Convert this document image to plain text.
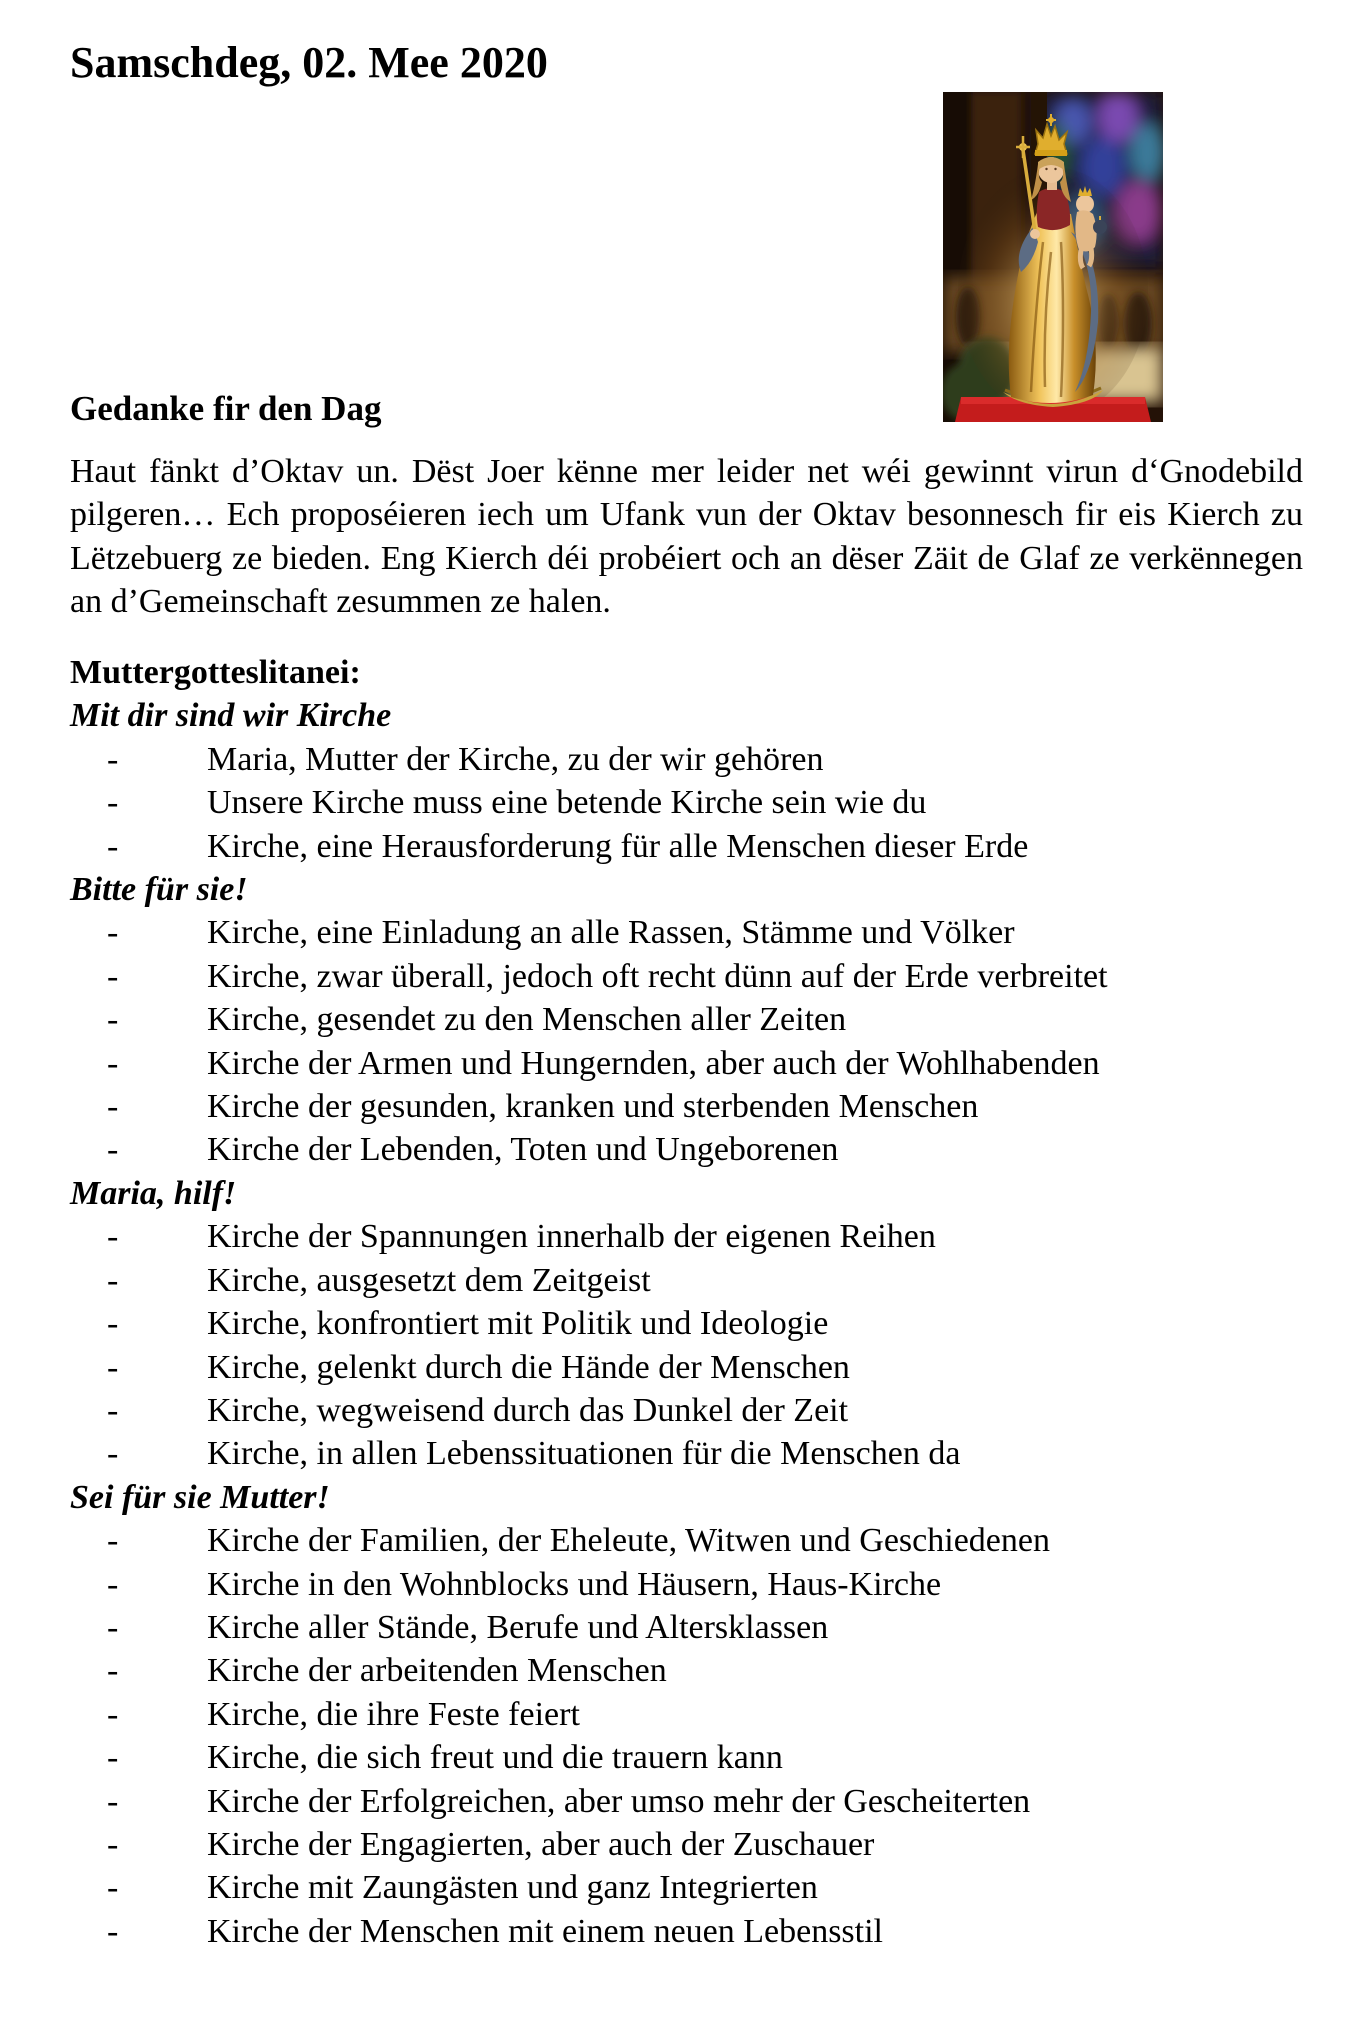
Samschdeg, 02. Mee 2020
Gedanke fir den Dag

Haut fänkt d’Oktav un. Dëst Joer kënne mer leider net wéi gewinnt virun d‘Gnodebild pilgeren… Ech proposéieren iech um Ufank vun der Oktav besonnesch fir eis Kierch zu Lëtzebuerg ze bieden. Eng Kierch déi probéiert och an dëser Zäit de Glaf ze verkënnegen an d’Gemeinschaft zesummen ze halen.

Muttergotteslitanei:
Mit dir sind wir Kirche
-	Maria, Mutter der Kirche, zu der wir gehören
-	Unsere Kirche muss eine betende Kirche sein wie du
-	Kirche, eine Herausforderung für alle Menschen dieser Erde
Bitte für sie!
-	Kirche, eine Einladung an alle Rassen, Stämme und Völker
-	Kirche, zwar überall, jedoch oft recht dünn auf der Erde verbreitet
-	Kirche, gesendet zu den Menschen aller Zeiten
-	Kirche der Armen und Hungernden, aber auch der Wohlhabenden
-	Kirche der gesunden, kranken und sterbenden Menschen
-	Kirche der Lebenden, Toten und Ungeborenen
Maria, hilf!
-	Kirche der Spannungen innerhalb der eigenen Reihen
-	Kirche, ausgesetzt dem Zeitgeist
-	Kirche, konfrontiert mit Politik und Ideologie
-	Kirche, gelenkt durch die Hände der Menschen
-	Kirche, wegweisend durch das Dunkel der Zeit
-	Kirche, in allen Lebenssituationen für die Menschen da
Sei für sie Mutter!
-	Kirche der Familien, der Eheleute, Witwen und Geschiedenen
-	Kirche in den Wohnblocks und Häusern, Haus-Kirche
-	Kirche aller Stände, Berufe und Altersklassen
-	Kirche der arbeitenden Menschen
-	Kirche, die ihre Feste feiert
-	Kirche, die sich freut und die trauern kann
-	Kirche der Erfolgreichen, aber umso mehr der Gescheiterten
-	Kirche der Engagierten, aber auch der Zuschauer
-	Kirche mit Zaungästen und ganz Integrierten
-	Kirche der Menschen mit einem neuen Lebensstil
